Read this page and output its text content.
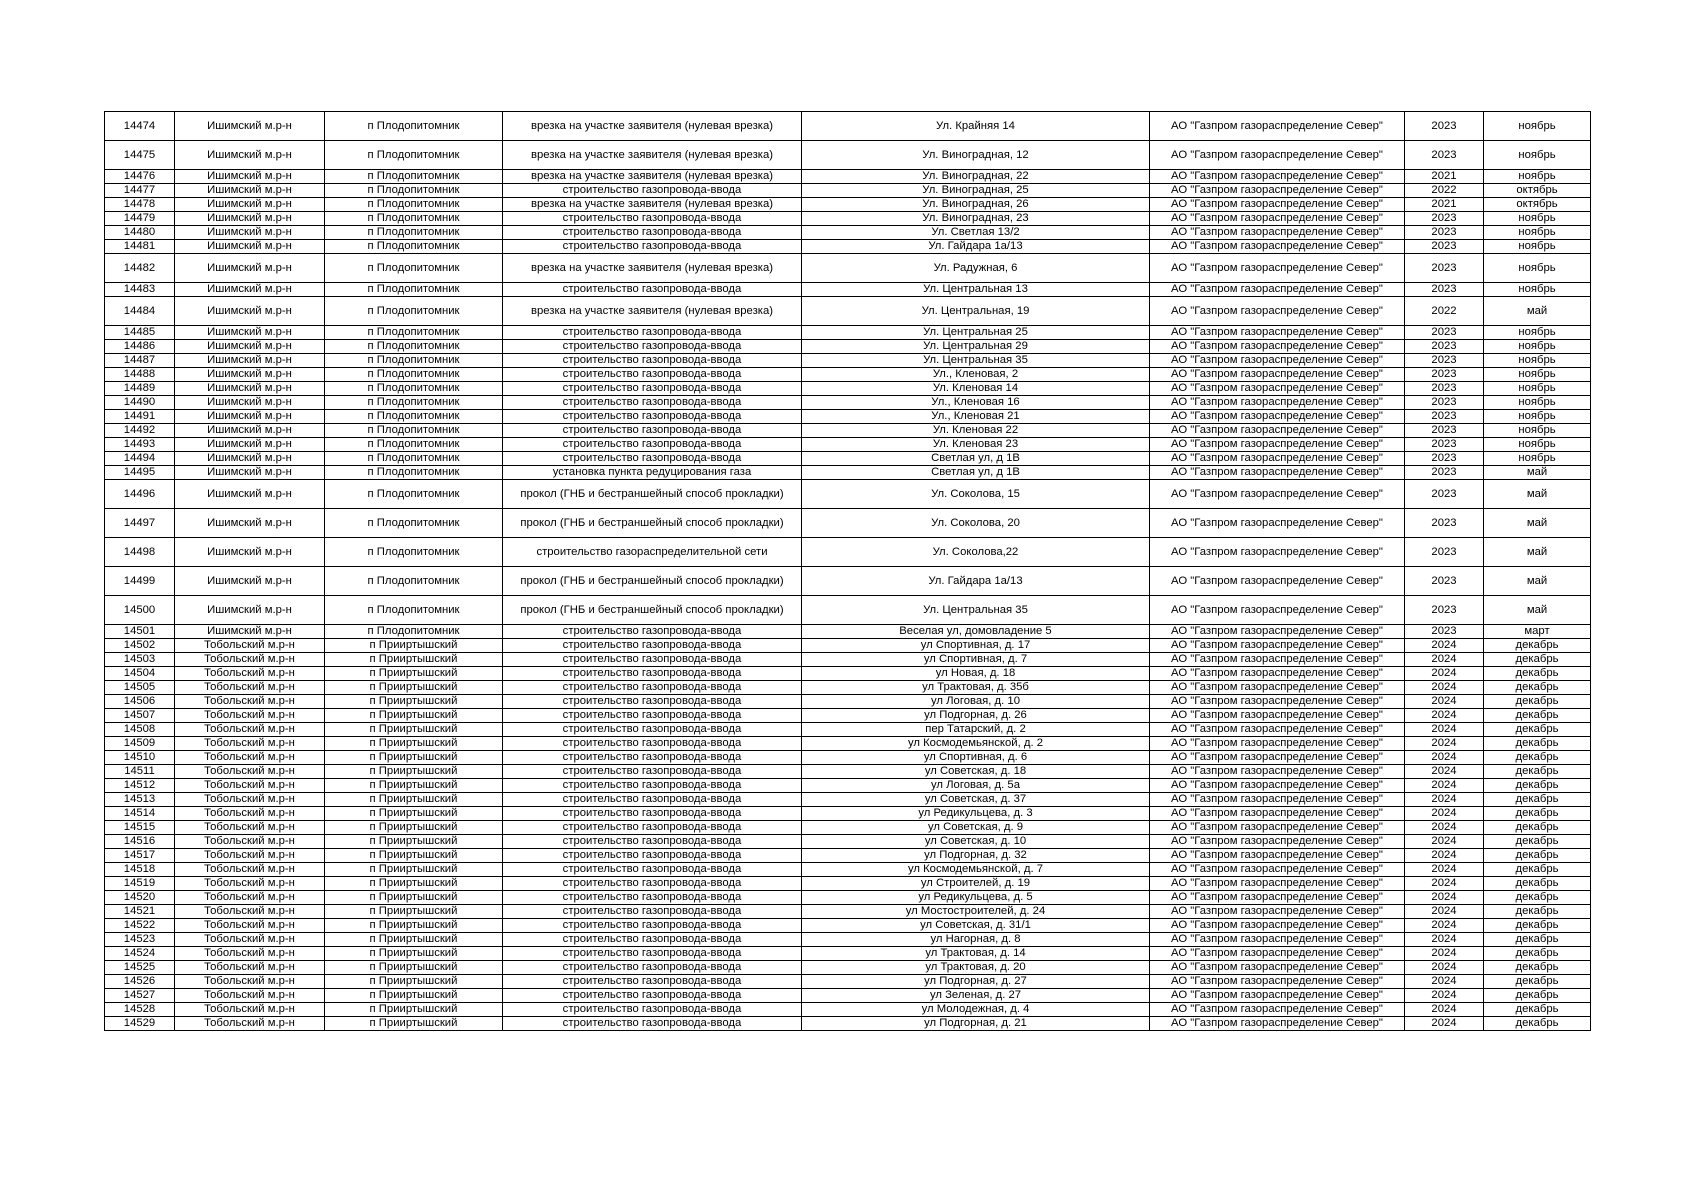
14474	Ишимский м.р-н	п Плодопитомник	врезка на участке заявителя (нулевая врезка)	Ул. Крайняя 14	АО "Газпром газораспределение Север"	2023	ноябрь
14475	Ишимский м.р-н	п Плодопитомник	врезка на участке заявителя (нулевая врезка)	Ул. Виноградная, 12	АО "Газпром газораспределение Север"	2023	ноябрь
14476	Ишимский м.р-н	п Плодопитомник	врезка на участке заявителя (нулевая врезка)	Ул. Виноградная, 22	АО "Газпром газораспределение Север"	2021	ноябрь
14477	Ишимский м.р-н	п Плодопитомник	строительство газопровода-ввода	Ул. Виноградная, 25	АО "Газпром газораспределение Север"	2022	октябрь
14478	Ишимский м.р-н	п Плодопитомник	врезка на участке заявителя (нулевая врезка)	Ул. Виноградная, 26	АО "Газпром газораспределение Север"	2021	октябрь
14479	Ишимский м.р-н	п Плодопитомник	строительство газопровода-ввода	Ул. Виноградная, 23	АО "Газпром газораспределение Север"	2023	ноябрь
14480	Ишимский м.р-н	п Плодопитомник	строительство газопровода-ввода	Ул. Светлая 13/2	АО "Газпром газораспределение Север"	2023	ноябрь
14481	Ишимский м.р-н	п Плодопитомник	строительство газопровода-ввода	Ул. Гайдара 1а/13	АО "Газпром газораспределение Север"	2023	ноябрь
14482	Ишимский м.р-н	п Плодопитомник	врезка на участке заявителя (нулевая врезка)	Ул. Радужная, 6	АО "Газпром газораспределение Север"	2023	ноябрь
14483	Ишимский м.р-н	п Плодопитомник	строительство газопровода-ввода	Ул. Центральная 13	АО "Газпром газораспределение Север"	2023	ноябрь
14484	Ишимский м.р-н	п Плодопитомник	врезка на участке заявителя (нулевая врезка)	Ул. Центральная, 19	АО "Газпром газораспределение Север"	2022	май
14485	Ишимский м.р-н	п Плодопитомник	строительство газопровода-ввода	Ул. Центральная 25	АО "Газпром газораспределение Север"	2023	ноябрь
14486	Ишимский м.р-н	п Плодопитомник	строительство газопровода-ввода	Ул. Центральная 29	АО "Газпром газораспределение Север"	2023	ноябрь
14487	Ишимский м.р-н	п Плодопитомник	строительство газопровода-ввода	Ул. Центральная 35	АО "Газпром газораспределение Север"	2023	ноябрь
14488	Ишимский м.р-н	п Плодопитомник	строительство газопровода-ввода	Ул., Кленовая, 2	АО "Газпром газораспределение Север"	2023	ноябрь
14489	Ишимский м.р-н	п Плодопитомник	строительство газопровода-ввода	Ул. Кленовая 14	АО "Газпром газораспределение Север"	2023	ноябрь
14490	Ишимский м.р-н	п Плодопитомник	строительство газопровода-ввода	Ул., Кленовая 16	АО "Газпром газораспределение Север"	2023	ноябрь
14491	Ишимский м.р-н	п Плодопитомник	строительство газопровода-ввода	Ул., Кленовая 21	АО "Газпром газораспределение Север"	2023	ноябрь
14492	Ишимский м.р-н	п Плодопитомник	строительство газопровода-ввода	Ул. Кленовая 22	АО "Газпром газораспределение Север"	2023	ноябрь
14493	Ишимский м.р-н	п Плодопитомник	строительство газопровода-ввода	Ул. Кленовая 23	АО "Газпром газораспределение Север"	2023	ноябрь
14494	Ишимский м.р-н	п Плодопитомник	строительство газопровода-ввода	Светлая ул, д 1В	АО "Газпром газораспределение Север"	2023	ноябрь
14495	Ишимский м.р-н	п Плодопитомник	установка пункта редуцирования газа	Светлая ул, д 1В	АО "Газпром газораспределение Север"	2023	май
14496	Ишимский м.р-н	п Плодопитомник	прокол (ГНБ и бестраншейный способ прокладки)	Ул. Соколова, 15	АО "Газпром газораспределение Север"	2023	май
14497	Ишимский м.р-н	п Плодопитомник	прокол (ГНБ и бестраншейный способ прокладки)	Ул. Соколова, 20	АО "Газпром газораспределение Север"	2023	май
14498	Ишимский м.р-н	п Плодопитомник	строительство газораспределительной сети	Ул. Соколова,22	АО "Газпром газораспределение Север"	2023	май
14499	Ишимский м.р-н	п Плодопитомник	прокол (ГНБ и бестраншейный способ прокладки)	Ул. Гайдара 1а/13	АО "Газпром газораспределение Север"	2023	май
14500	Ишимский м.р-н	п Плодопитомник	прокол (ГНБ и бестраншейный способ прокладки)	Ул. Центральная 35	АО "Газпром газораспределение Север"	2023	май
14501	Ишимский м.р-н	п Плодопитомник	строительство газопровода-ввода	Веселая ул, домовладение 5	АО "Газпром газораспределение Север"	2023	март
14502	Тобольский м.р-н	п Прииртышский	строительство газопровода-ввода	ул Спортивная, д. 17	АО "Газпром газораспределение Север"	2024	декабрь
14503	Тобольский м.р-н	п Прииртышский	строительство газопровода-ввода	ул Спортивная, д. 7	АО "Газпром газораспределение Север"	2024	декабрь
14504	Тобольский м.р-н	п Прииртышский	строительство газопровода-ввода	ул Новая, д. 18	АО "Газпром газораспределение Север"	2024	декабрь
14505	Тобольский м.р-н	п Прииртышский	строительство газопровода-ввода	ул Трактовая, д. 35б	АО "Газпром газораспределение Север"	2024	декабрь
14506	Тобольский м.р-н	п Прииртышский	строительство газопровода-ввода	ул Логовая, д. 10	АО "Газпром газораспределение Север"	2024	декабрь
14507	Тобольский м.р-н	п Прииртышский	строительство газопровода-ввода	ул Подгорная, д. 26	АО "Газпром газораспределение Север"	2024	декабрь
14508	Тобольский м.р-н	п Прииртышский	строительство газопровода-ввода	пер Татарский, д. 2	АО "Газпром газораспределение Север"	2024	декабрь
14509	Тобольский м.р-н	п Прииртышский	строительство газопровода-ввода	ул Космодемьянской, д. 2	АО "Газпром газораспределение Север"	2024	декабрь
14510	Тобольский м.р-н	п Прииртышский	строительство газопровода-ввода	ул Спортивная, д. 6	АО "Газпром газораспределение Север"	2024	декабрь
14511	Тобольский м.р-н	п Прииртышский	строительство газопровода-ввода	ул Советская, д. 18	АО "Газпром газораспределение Север"	2024	декабрь
14512	Тобольский м.р-н	п Прииртышский	строительство газопровода-ввода	ул Логовая, д. 5а	АО "Газпром газораспределение Север"	2024	декабрь
14513	Тобольский м.р-н	п Прииртышский	строительство газопровода-ввода	ул Советская, д. 37	АО "Газпром газораспределение Север"	2024	декабрь
14514	Тобольский м.р-н	п Прииртышский	строительство газопровода-ввода	ул Редикульцева, д. 3	АО "Газпром газораспределение Север"	2024	декабрь
14515	Тобольский м.р-н	п Прииртышский	строительство газопровода-ввода	ул Советская, д. 9	АО "Газпром газораспределение Север"	2024	декабрь
14516	Тобольский м.р-н	п Прииртышский	строительство газопровода-ввода	ул Советская, д. 10	АО "Газпром газораспределение Север"	2024	декабрь
14517	Тобольский м.р-н	п Прииртышский	строительство газопровода-ввода	ул Подгорная, д. 32	АО "Газпром газораспределение Север"	2024	декабрь
14518	Тобольский м.р-н	п Прииртышский	строительство газопровода-ввода	ул Космодемьянской, д. 7	АО "Газпром газораспределение Север"	2024	декабрь
14519	Тобольский м.р-н	п Прииртышский	строительство газопровода-ввода	ул Строителей, д. 19	АО "Газпром газораспределение Север"	2024	декабрь
14520	Тобольский м.р-н	п Прииртышский	строительство газопровода-ввода	ул Редикульцева, д. 5	АО "Газпром газораспределение Север"	2024	декабрь
14521	Тобольский м.р-н	п Прииртышский	строительство газопровода-ввода	ул Мостостроителей, д. 24	АО "Газпром газораспределение Север"	2024	декабрь
14522	Тобольский м.р-н	п Прииртышский	строительство газопровода-ввода	ул Советская, д. 31/1	АО "Газпром газораспределение Север"	2024	декабрь
14523	Тобольский м.р-н	п Прииртышский	строительство газопровода-ввода	ул Нагорная, д. 8	АО "Газпром газораспределение Север"	2024	декабрь
14524	Тобольский м.р-н	п Прииртышский	строительство газопровода-ввода	ул Трактовая, д. 14	АО "Газпром газораспределение Север"	2024	декабрь
14525	Тобольский м.р-н	п Прииртышский	строительство газопровода-ввода	ул Трактовая, д. 20	АО "Газпром газораспределение Север"	2024	декабрь
14526	Тобольский м.р-н	п Прииртышский	строительство газопровода-ввода	ул Подгорная, д. 27	АО "Газпром газораспределение Север"	2024	декабрь
14527	Тобольский м.р-н	п Прииртышский	строительство газопровода-ввода	ул Зеленая, д. 27	АО "Газпром газораспределение Север"	2024	декабрь
14528	Тобольский м.р-н	п Прииртышский	строительство газопровода-ввода	ул Молодежная, д. 4	АО "Газпром газораспределение Север"	2024	декабрь
14529	Тобольский м.р-н	п Прииртышский	строительство газопровода-ввода	ул Подгорная, д. 21	АО "Газпром газораспределение Север"	2024	декабрь
